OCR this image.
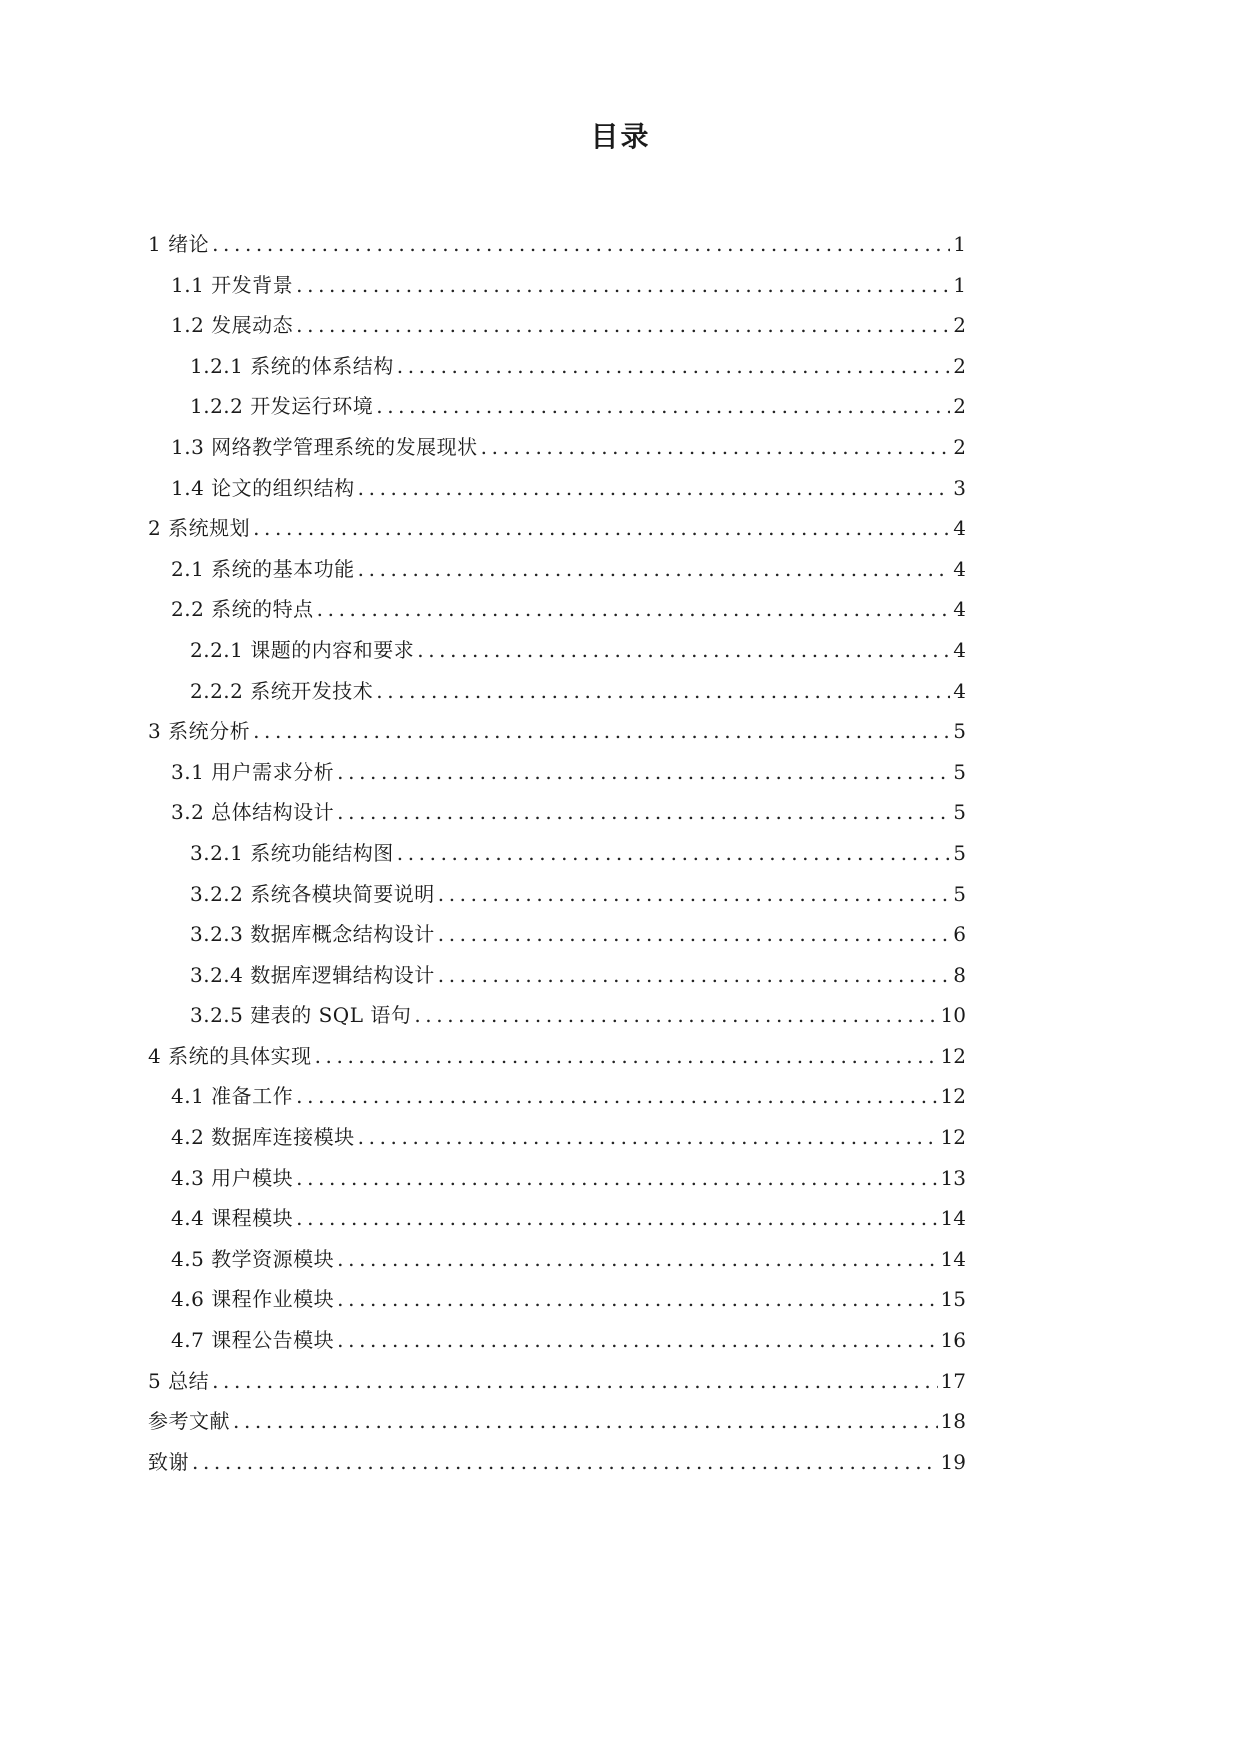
目录
1 绪论 .....	1
1.1 开发背景 .....	1
1.2 发展动态 .....	2
1.2.1 系统的体系结构 .....	2
1.2.2 开发运行环境 .....	2
1.3 网络教学管理系统的发展现状 .....	2
1.4 论文的组织结构 .....	3
2 系统规划 .....	4
2.1 系统的基本功能 .....	4
2.2 系统的特点 .....	4
2.2.1 课题的内容和要求 .....	4
2.2.2 系统开发技术 .....	4
3 系统分析 .....	5
3.1 用户需求分析 .....	5
3.2 总体结构设计 .....	5
3.2.1 系统功能结构图 .....	5
3.2.2 系统各模块简要说明 .....	5
3.2.3 数据库概念结构设计 .....	6
3.2.4 数据库逻辑结构设计 .....	8
3.2.5 建表的 SQL 语句 .....	10
4 系统的具体实现 .....	12
4.1 准备工作 .....	12
4.2 数据库连接模块 .....	12
4.3 用户模块 .....	13
4.4 课程模块 .....	14
4.5 教学资源模块 .....	14
4.6 课程作业模块 .....	15
4.7 课程公告模块 .....	16
5 总结 .....	17
参考文献 .....	18
致谢 .....	19
